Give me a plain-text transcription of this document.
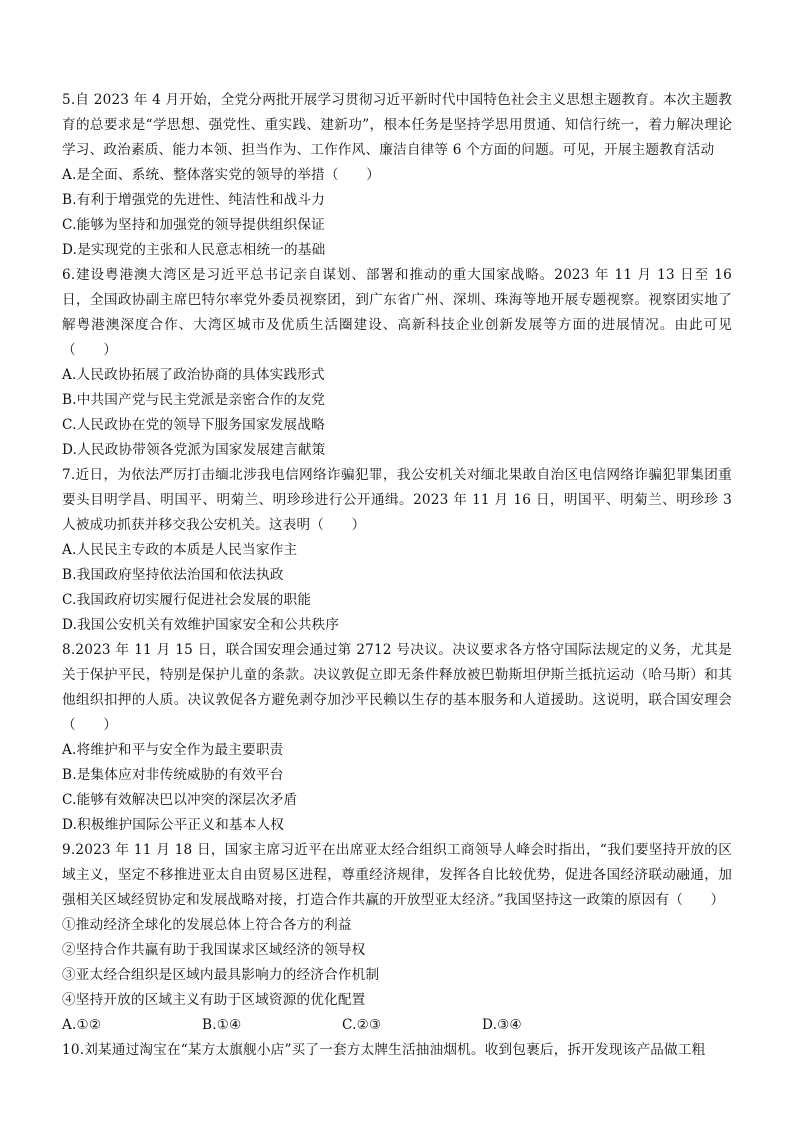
5.自 2023 年 4 月开始，全党分两批开展学习贯彻习近平新时代中国特色社会主义思想主题教育。本次主题教育的总要求是“学思想、强党性、重实践、建新功”，根本任务是坚持学思用贯通、知信行统一，着力解决理论学习、政治素质、能力本领、担当作为、工作作风、廉洁自律等 6 个方面的问题。可见，开展主题教育活动

A.是全面、系统、整体落实党的领导的举措（　　）

B.有利于增强党的先进性、纯洁性和战斗力

C.能够为坚持和加强党的领导提供组织保证

D.是实现党的主张和人民意志相统一的基础

6.建设粤港澳大湾区是习近平总书记亲自谋划、部署和推动的重大国家战略。2023 年 11 月 13 日至 16 日，全国政协副主席巴特尔率党外委员视察团，到广东省广州、深圳、珠海等地开展专题视察。视察团实地了解粤港澳深度合作、大湾区城市及优质生活圈建设、高新科技企业创新发展等方面的进展情况。由此可见（　　）

A.人民政协拓展了政治协商的具体实践形式

B.中共国产党与民主党派是亲密合作的友党

C.人民政协在党的领导下服务国家发展战略

D.人民政协带领各党派为国家发展建言献策

7.近日，为依法严厉打击缅北涉我电信网络诈骗犯罪，我公安机关对缅北果敢自治区电信网络诈骗犯罪集团重要头目明学昌、明国平、明菊兰、明珍珍进行公开通缉。2023 年 11 月 16 日，明国平、明菊兰、明珍珍 3 人被成功抓获并移交我公安机关。这表明（　　）

A.人民民主专政的本质是人民当家作主

B.我国政府坚持依法治国和依法执政

C.我国政府切实履行促进社会发展的职能

D.我国公安机关有效维护国家安全和公共秩序

8.2023 年 11 月 15 日，联合国安理会通过第 2712 号决议。决议要求各方恪守国际法规定的义务，尤其是关于保护平民，特别是保护儿童的条款。决议敦促立即无条件释放被巴勒斯坦伊斯兰抵抗运动（哈马斯）和其他组织扣押的人质。决议敦促各方避免剥夺加沙平民赖以生存的基本服务和人道援助。这说明，联合国安理会（　　）

A.将维护和平与安全作为最主要职责

B.是集体应对非传统威胁的有效平台

C.能够有效解决巴以冲突的深层次矛盾

D.积极维护国际公平正义和基本人权

9.2023 年 11 月 18 日，国家主席习近平在出席亚太经合组织工商领导人峰会时指出，“我们要坚持开放的区域主义，坚定不移推进亚太自由贸易区进程，尊重经济规律，发挥各自比较优势，促进各国经济联动融通，加强相关区域经贸协定和发展战略对接，打造合作共赢的开放型亚太经济。”我国坚持这一政策的原因有（　　）

①推动经济全球化的发展总体上符合各方的利益

②坚持合作共赢有助于我国谋求区域经济的领导权

③亚太经合组织是区域内最具影响力的经济合作机制

④坚持开放的区域主义有助于区域资源的优化配置

A.①②	B.①④	C.②③	D.③④

10.刘某通过淘宝在“某方太旗舰小店”买了一套方太牌生活抽油烟机。收到包裹后，拆开发现该产品做工粗
